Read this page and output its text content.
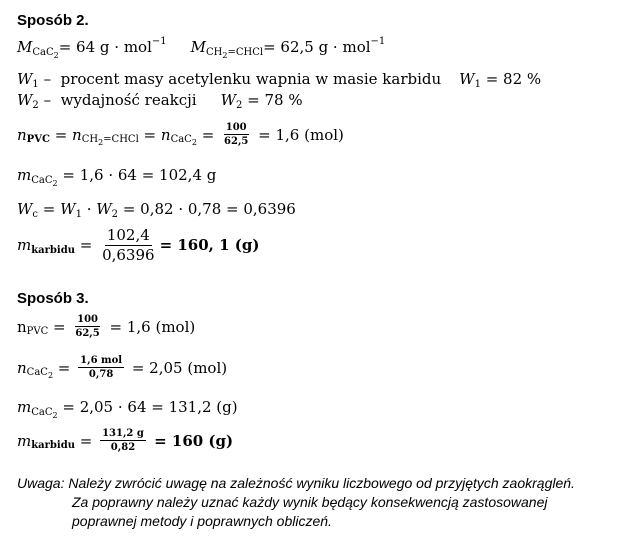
Sposób 2.
M CaC$_2$ = 64 g · mol −1 M $CH_2=CHCl = 62,5$ g · mol −1
W 1 –  procent masy acetylenku wapnia w masie karbidu W 1 = 82 %
W 2 –  wydajność reakcji W 2 = 78 %
n PVC = n $CH_2=CHCl = n$ $CaC_2 = \frac{100}{62,5} = 1,6$ (mol)
m CaC$_2$ = 1,6 · 64 = 102,4 g
W c = W 1 · W 2 = 0,82 · 0,78 = 0,6396
m karbidu = $\frac{102,4}{0,6396} = 160$, 1 (g)
Sposób 3.
n PVC = $\frac{100}{62,5} = 1,6$ (mol)
n $CaC_2 = \frac{\text{1,6 mol}}{0,78} = 2,05$ (mol)
m CaC$_2$ = 2,05 · 64 = 131,2 (g)
m karbidu = $\frac{131,2 g}{0,82} = 160$ (g)
Uwaga: Należy zwrócić uwagę na zależność wyniku liczbowego od przyjętych zaokrągleń.
Za poprawny należy uznać każdy wynik będący konsekwencją zastosowanej
poprawnej metody i poprawnych obliczeń.
